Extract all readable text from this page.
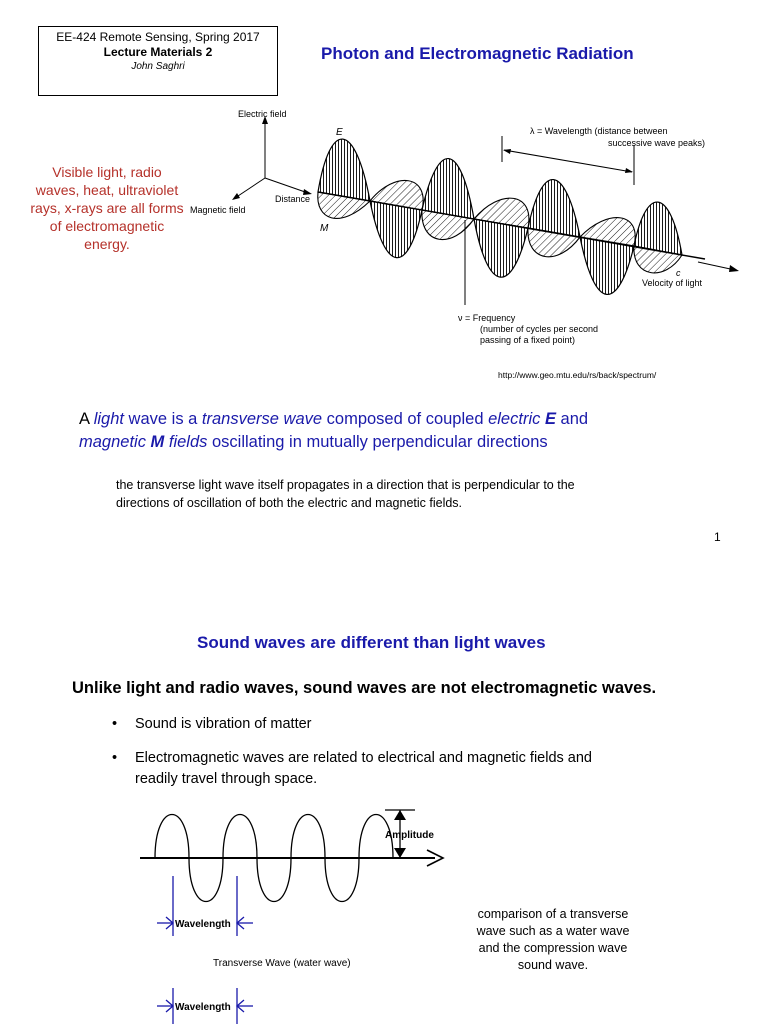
EE-424 Remote Sensing, Spring 2017
Lecture Materials 2
John Saghri
Photon and Electromagnetic Radiation
Visible light, radio waves, heat, ultraviolet rays, x-rays are all forms of electromagnetic energy.
Electric field
Magnetic field
Distance
E
M
λ = Wavelength (distance between
successive wave peaks)
c
Velocity of light
ν = Frequency
(number of cycles per second
passing of a fixed point)
http://www.geo.mtu.edu/rs/back/spectrum/
A light wave is a transverse wave composed of coupled electric E and
magnetic M fields oscillating in mutually perpendicular directions
the transverse light wave itself propagates in a direction that is perpendicular to the
directions of oscillation of both the electric and magnetic fields.
1
Sound waves are different than light waves
Unlike light and radio waves, sound waves are not electromagnetic waves.
• Sound is vibration of matter
• Electromagnetic waves are related to electrical and magnetic fields and
readily travel through space.
Amplitude
Wavelength
Transverse Wave (water wave)
Wavelength
comparison of a transverse
wave such as a water wave
and the compression wave
sound wave.
